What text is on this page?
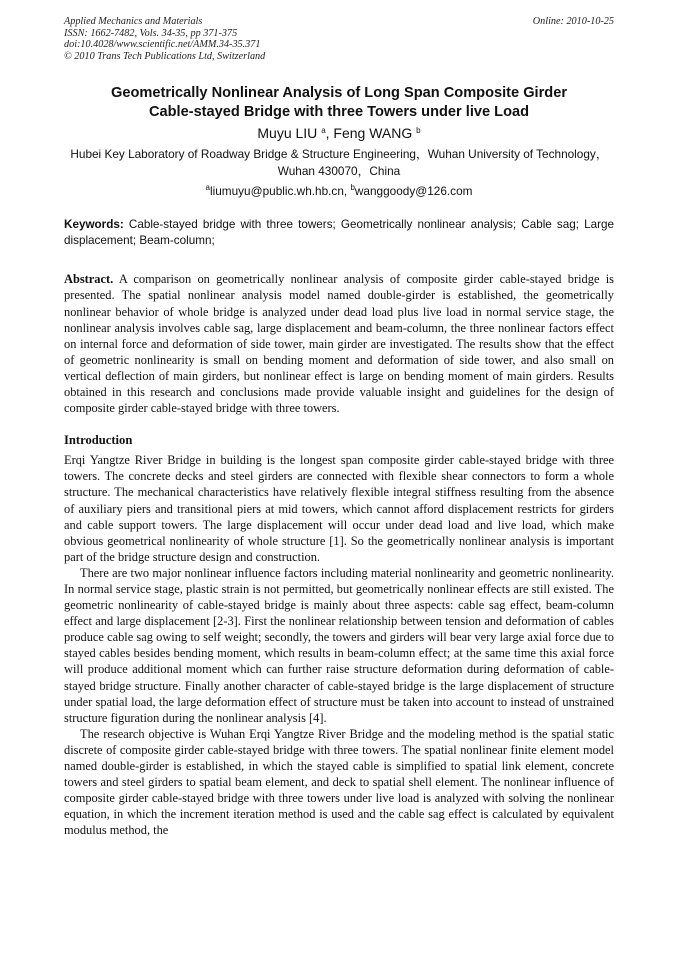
Applied Mechanics and Materials
ISSN: 1662-7482, Vols. 34-35, pp 371-375
doi:10.4028/www.scientific.net/AMM.34-35.371
© 2010 Trans Tech Publications Ltd, Switzerland
Online: 2010-10-25
Geometrically Nonlinear Analysis of Long Span Composite Girder
Cable-stayed Bridge with three Towers under live Load
Muyu LIU $^a$, Feng WANG $^b$
Hubei Key Laboratory of Roadway Bridge & Structure Engineering，Wuhan University of Technology，Wuhan 430070，China
$^a$liumuyu@public.wh.hb.cn, $^b$wanggoody@126.com
Keywords: Cable-stayed bridge with three towers; Geometrically nonlinear analysis; Cable sag; Large displacement; Beam-column;
Abstract. A comparison on geometrically nonlinear analysis of composite girder cable-stayed bridge is presented. The spatial nonlinear analysis model named double-girder is established, the geometrically nonlinear behavior of whole bridge is analyzed under dead load plus live load in normal service stage, the nonlinear analysis involves cable sag, large displacement and beam-column, the three nonlinear factors effect on internal force and deformation of side tower, main girder are investigated. The results show that the effect of geometric nonlinearity is small on bending moment and deformation of side tower, and also small on vertical deflection of main girders, but nonlinear effect is large on bending moment of main girders. Results obtained in this research and conclusions made provide valuable insight and guidelines for the design of composite girder cable-stayed bridge with three towers.
Introduction

Erqi Yangtze River Bridge in building is the longest span composite girder cable-stayed bridge with three towers. The concrete decks and steel girders are connected with flexible shear connectors to form a whole structure. The mechanical characteristics have relatively flexible integral stiffness resulting from the absence of auxiliary piers and transitional piers at mid towers, which cannot afford displacement restricts for girders and cable support towers. The large displacement will occur under dead load and live load, which make obvious geometrical nonlinearity of whole structure [1]. So the geometrically nonlinear analysis is important part of the bridge structure design and construction.

There are two major nonlinear influence factors including material nonlinearity and geometric nonlinearity. In normal service stage, plastic strain is not permitted, but geometrically nonlinear effects are still existed. The geometric nonlinearity of cable-stayed bridge is mainly about three aspects: cable sag effect, beam-column effect and large displacement [2-3]. First the nonlinear relationship between tension and deformation of cables produce cable sag owing to self weight; secondly, the towers and girders will bear very large axial force due to stayed cables besides bending moment, which results in beam-column effect; at the same time this axial force will produce additional moment which can further raise structure deformation during deformation of cable-stayed bridge structure. Finally another character of cable-stayed bridge is the large displacement of structure under spatial load, the large deformation effect of structure must be taken into account to instead of unstrained structure figuration during the nonlinear analysis [4].

The research objective is Wuhan Erqi Yangtze River Bridge and the modeling method is the spatial static discrete of composite girder cable-stayed bridge with three towers. The spatial nonlinear finite element model named double-girder is established, in which the stayed cable is simplified to spatial link element, concrete towers and steel girders to spatial beam element, and deck to spatial shell element. The nonlinear influence of composite girder cable-stayed bridge with three towers under live load is analyzed with solving the nonlinear equation, in which the increment iteration method is used and the cable sag effect is calculated by equivalent modulus method, the
